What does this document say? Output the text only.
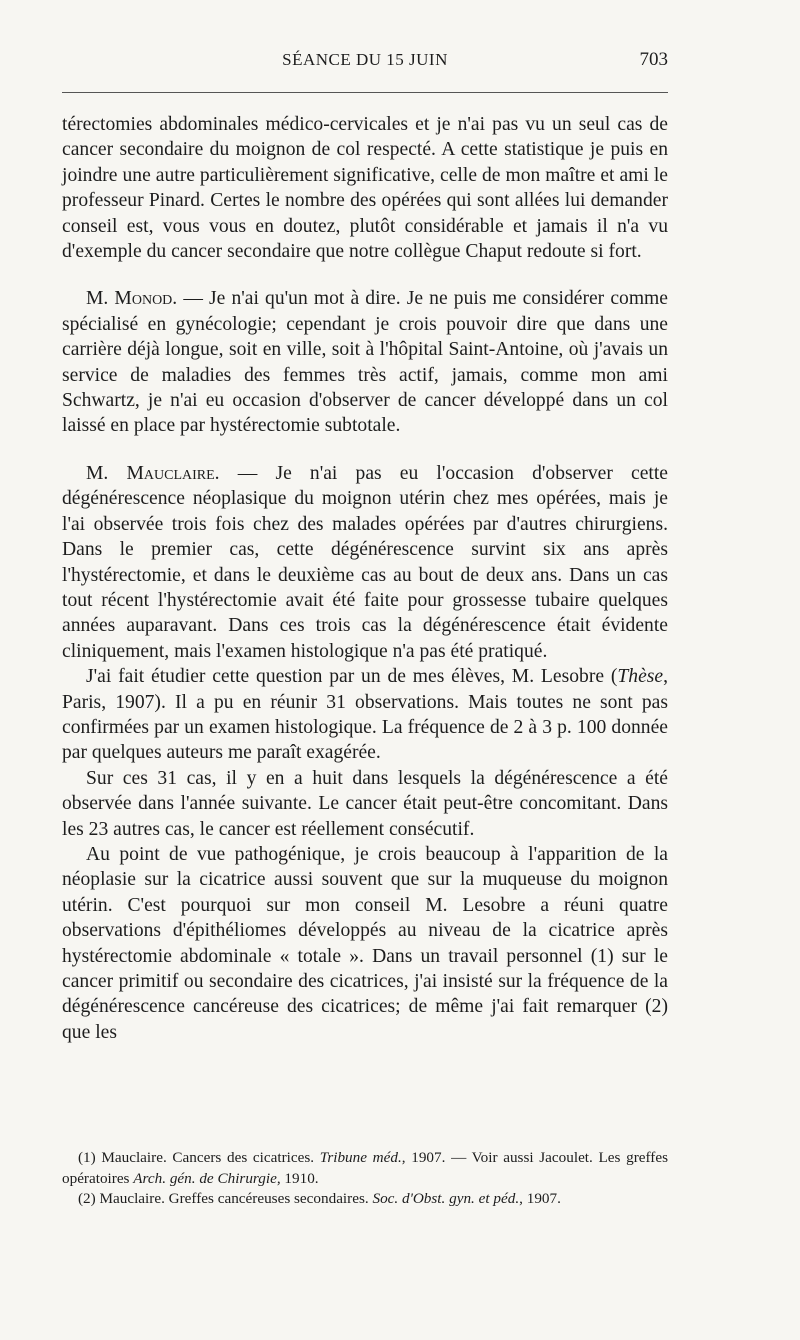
SÉANCE DU 15 JUIN	703

térectomies abdominales médico-cervicales et je n'ai pas vu un seul cas de cancer secondaire du moignon de col respecté. A cette statistique je puis en joindre une autre particulièrement significative, celle de mon maître et ami le professeur Pinard. Certes le nombre des opérées qui sont allées lui demander conseil est, vous vous en doutez, plutôt considérable et jamais il n'a vu d'exemple du cancer secondaire que notre collègue Chaput redoute si fort.

M. Monod. — Je n'ai qu'un mot à dire. Je ne puis me considérer comme spécialisé en gynécologie; cependant je crois pouvoir dire que dans une carrière déjà longue, soit en ville, soit à l'hôpital Saint-Antoine, où j'avais un service de maladies des femmes très actif, jamais, comme mon ami Schwartz, je n'ai eu occasion d'observer de cancer développé dans un col laissé en place par hystérectomie subtotale.

M. Mauclaire. — Je n'ai pas eu l'occasion d'observer cette dégénérescence néoplasique du moignon utérin chez mes opérées, mais je l'ai observée trois fois chez des malades opérées par d'autres chirurgiens. Dans le premier cas, cette dégénérescence survint six ans après l'hystérectomie, et dans le deuxième cas au bout de deux ans. Dans un cas tout récent l'hystérectomie avait été faite pour grossesse tubaire quelques années auparavant. Dans ces trois cas la dégénérescence était évidente cliniquement, mais l'examen histologique n'a pas été pratiqué.

J'ai fait étudier cette question par un de mes élèves, M. Lesobre (Thèse, Paris, 1907). Il a pu en réunir 31 observations. Mais toutes ne sont pas confirmées par un examen histologique. La fréquence de 2 à 3 p. 100 donnée par quelques auteurs me paraît exagérée.

Sur ces 31 cas, il y en a huit dans lesquels la dégénérescence a été observée dans l'année suivante. Le cancer était peut-être concomitant. Dans les 23 autres cas, le cancer est réellement consécutif.

Au point de vue pathogénique, je crois beaucoup à l'apparition de la néoplasie sur la cicatrice aussi souvent que sur la muqueuse du moignon utérin. C'est pourquoi sur mon conseil M. Lesobre a réuni quatre observations d'épithéliomes développés au niveau de la cicatrice après hystérectomie abdominale « totale ». Dans un travail personnel (1) sur le cancer primitif ou secondaire des cicatrices, j'ai insisté sur la fréquence de la dégénérescence cancéreuse des cicatrices; de même j'ai fait remarquer (2) que les

(1) Mauclaire. Cancers des cicatrices. Tribune méd., 1907. — Voir aussi Jacoulet. Les greffes opératoires Arch. gén. de Chirurgie, 1910.

(2) Mauclaire. Greffes cancéreuses secondaires. Soc. d'Obst. gyn. et péd., 1907.
